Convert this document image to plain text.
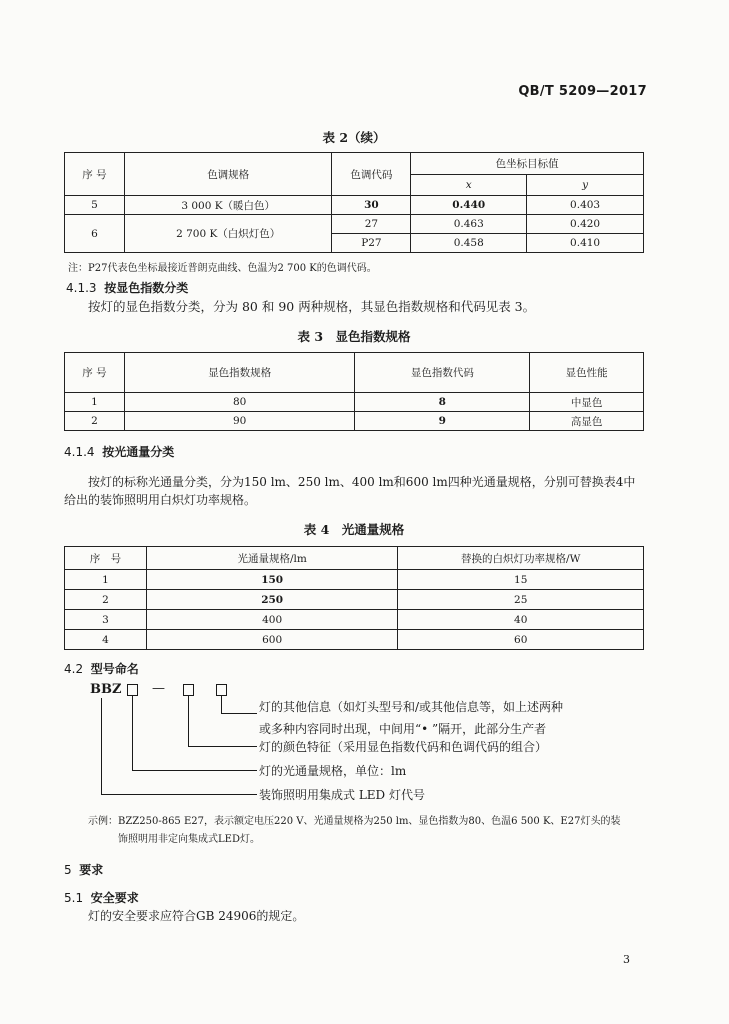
QB/T 5209—2017
表 2（续）
序 号	色调规格	色调代码	色坐标目标值	
			x	y
5	3 000 K（暖白色）	30	0.440	0.403
6	2 700 K（白炽灯色）	27	0.463	0.420
		P27	0.458	0.410
注：P27代表色坐标最接近普朗克曲线、色温为2 700 K的色调代码。
4.1.3 按显色指数分类
按灯的显色指数分类，分为 80 和 90 两种规格，其显色指数规格和代码见表 3。
表 3　显色指数规格
序 号	显色指数规格	显色指数代码	显色性能
1	80	8	中显色
2	90	9	高显色
4.1.4 按光通量分类
按灯的标称光通量分类，分为150 lm、250 lm、400 lm和600 lm四种光通量规格，分别可替换表4中
给出的装饰照明用白炽灯功率规格。
表 4　光通量规格
序　号	光通量规格/lm	替换的白炽灯功率规格/W
1	150	15
2	250	25
3	400	40
4	600	60
4.2 型号命名
BBZ —
灯的其他信息（如灯头型号和/或其他信息等，如上述两种
或多种内容同时出现，中间用“• ”隔开，此部分生产者
灯的颜色特征（采用显色指数代码和色调代码的组合）
灯的光通量规格，单位：lm
装饰照明用集成式 LED 灯代号
示例：BZZ250-865 E27，表示额定电压220 V、光通量规格为250 lm、显色指数为80、色温6 500 K、E27灯头的装
饰照明用非定向集成式LED灯。
5 要求
5.1 安全要求
灯的安全要求应符合GB 24906的规定。
3
